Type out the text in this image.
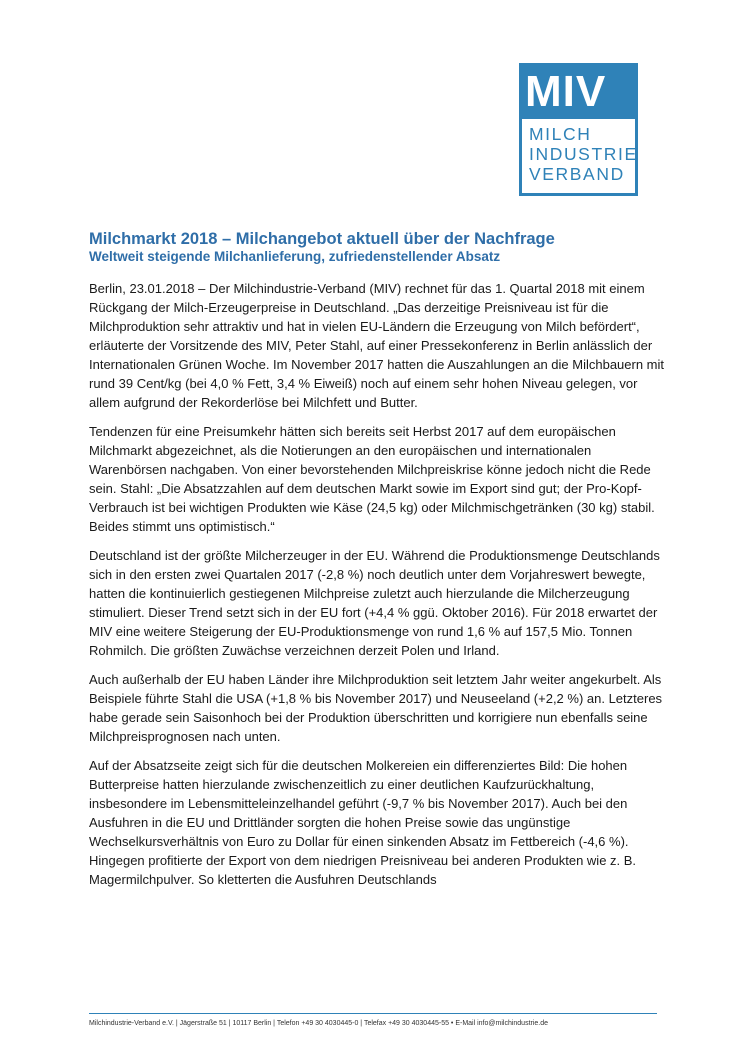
MIV
MILCH
INDUSTRIE
VERBAND
Milchmarkt 2018 – Milchangebot aktuell über der Nachfrage
Weltweit steigende Milchanlieferung, zufriedenstellender Absatz

Berlin, 23.01.2018 – Der Milchindustrie-Verband (MIV) rechnet für das 1. Quartal 2018 mit einem Rückgang der Milch-Erzeugerpreise in Deutschland. „Das derzeitige Preisniveau ist für die Milchproduktion sehr attraktiv und hat in vielen EU-Ländern die Erzeugung von Milch befördert“, erläuterte der Vorsitzende des MIV, Peter Stahl, auf einer Pressekonferenz in Berlin anlässlich der Internationalen Grünen Woche. Im November 2017 hatten die Auszahlungen an die Milchbauern mit rund 39 Cent/kg (bei 4,0 % Fett, 3,4 % Eiweiß) noch auf einem sehr hohen Niveau gelegen, vor allem aufgrund der Rekorderlöse bei Milchfett und Butter.

Tendenzen für eine Preisumkehr hätten sich bereits seit Herbst 2017 auf dem europäischen Milchmarkt abgezeichnet, als die Notierungen an den europäischen und internationalen Warenbörsen nachgaben. Von einer bevorstehenden Milchpreiskrise könne jedoch nicht die Rede sein. Stahl: „Die Absatzzahlen auf dem deutschen Markt sowie im Export sind gut; der Pro-Kopf-Verbrauch ist bei wichtigen Produkten wie Käse (24,5 kg) oder Milchmischgetränken (30 kg) stabil. Beides stimmt uns optimistisch.“

Deutschland ist der größte Milcherzeuger in der EU. Während die Produktionsmenge Deutschlands sich in den ersten zwei Quartalen 2017 (-2,8 %) noch deutlich unter dem Vorjahreswert bewegte, hatten die kontinuierlich gestiegenen Milchpreise zuletzt auch hierzulande die Milcherzeugung stimuliert. Dieser Trend setzt sich in der EU fort (+4,4 % ggü. Oktober 2016). Für 2018 erwartet der MIV eine weitere Steigerung der EU-Produktionsmenge von rund 1,6 % auf 157,5 Mio. Tonnen Rohmilch. Die größten Zuwächse verzeichnen derzeit Polen und Irland.

Auch außerhalb der EU haben Länder ihre Milchproduktion seit letztem Jahr weiter angekurbelt. Als Beispiele führte Stahl die USA (+1,8 % bis November 2017) und Neuseeland (+2,2 %) an. Letzteres habe gerade sein Saisonhoch bei der Produktion überschritten und korrigiere nun ebenfalls seine Milchpreisprognosen nach unten.

Auf der Absatzseite zeigt sich für die deutschen Molkereien ein differenziertes Bild: Die hohen Butterpreise hatten hierzulande zwischenzeitlich zu einer deutlichen Kaufzurückhaltung, insbesondere im Lebensmitteleinzelhandel geführt (-9,7 % bis November 2017). Auch bei den Ausfuhren in die EU und Drittländer sorgten die hohen Preise sowie das ungünstige Wechselkursverhältnis von Euro zu Dollar für einen sinkenden Absatz im Fettbereich (-4,6 %). Hingegen profitierte der Export von dem niedrigen Preisniveau bei anderen Produkten wie z. B. Magermilchpulver. So kletterten die Ausfuhren Deutschlands

Milchindustrie-Verband e.V. | Jägerstraße 51 | 10117 Berlin | Telefon +49 30 4030445-0 | Telefax +49 30 4030445-55 • E-Mail info@milchindustrie.de
